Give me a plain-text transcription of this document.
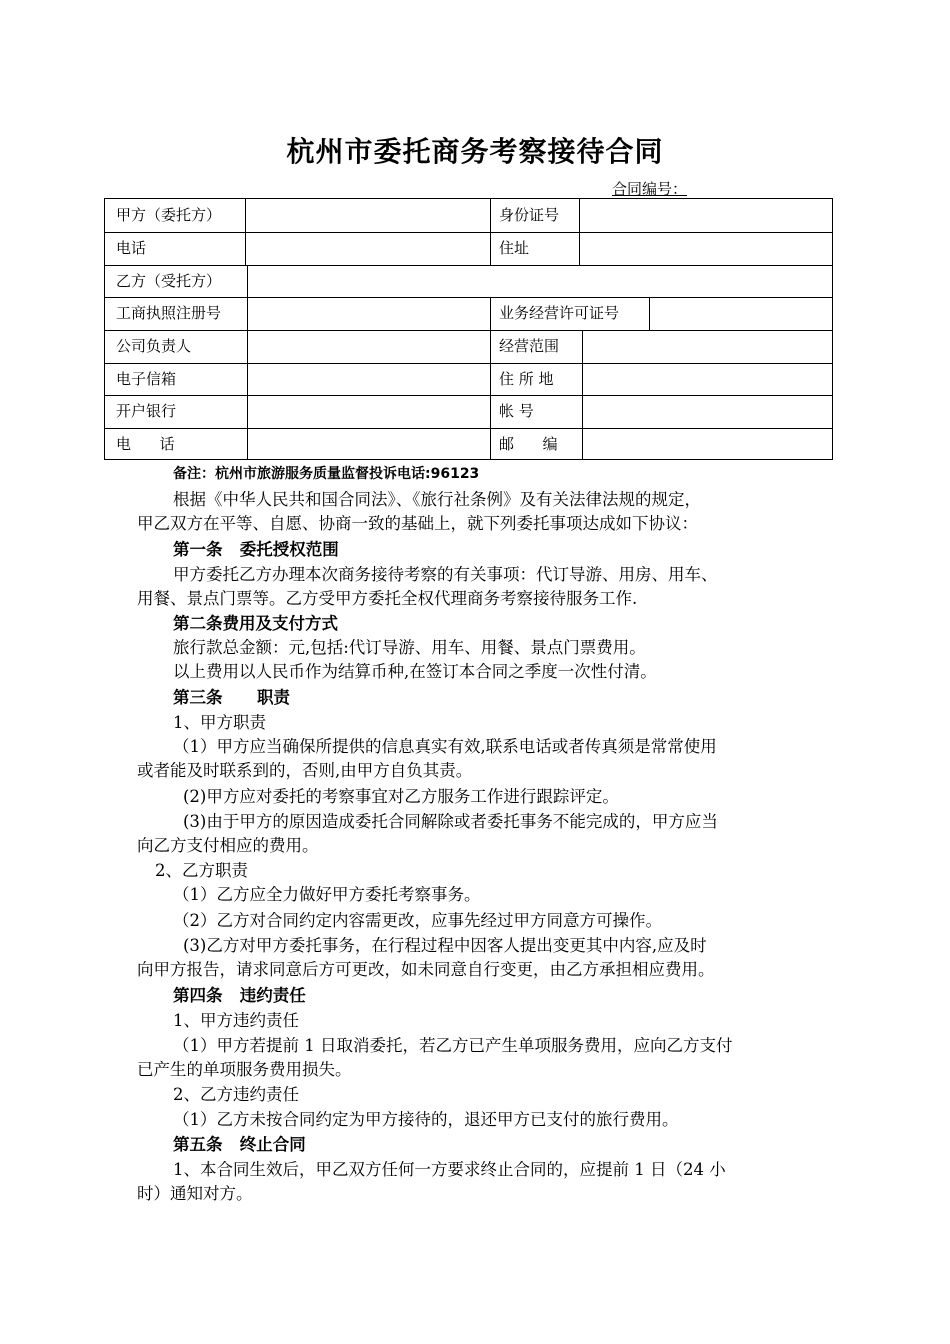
杭州市委托商务考察接待合同
合同编号：
甲方（委托方）	身份证号
电话	住址
乙方（受托方）
工商执照注册号	业务经营许可证号
公司负责人	经营范围
电子信箱	住 所 地
开户银行	帐 号
电      话	邮      编
备注：杭州市旅游服务质量监督投诉电话:96123
根据《中华人民共和国合同法》、《旅行社条例》及有关法律法规的规定，
甲乙双方在平等、自愿、协商一致的基础上，就下列委托事项达成如下协议：
第一条   委托授权范围
甲方委托乙方办理本次商务接待考察的有关事项：代订导游、用房、用车、
用餐、景点门票等。乙方受甲方委托全权代理商务考察接待服务工作.
第二条费用及支付方式
旅行款总金额：元,包括:代订导游、用车、用餐、景点门票费用。
以上费用以人民币作为结算币种,在签订本合同之季度一次性付清。
第三条      职责
1、甲方职责
（1）甲方应当确保所提供的信息真实有效,联系电话或者传真须是常常使用
或者能及时联系到的，否则,由甲方自负其责。
(2)甲方应对委托的考察事宜对乙方服务工作进行跟踪评定。
(3)由于甲方的原因造成委托合同解除或者委托事务不能完成的，甲方应当
向乙方支付相应的费用。
2、乙方职责
（1）乙方应全力做好甲方委托考察事务。
（2）乙方对合同约定内容需更改，应事先经过甲方同意方可操作。
(3)乙方对甲方委托事务，在行程过程中因客人提出变更其中内容,应及时
向甲方报告，请求同意后方可更改，如未同意自行变更，由乙方承担相应费用。
第四条   违约责任
1、甲方违约责任
（1）甲方若提前 1 日取消委托，若乙方已产生单项服务费用，应向乙方支付
已产生的单项服务费用损失。
2、乙方违约责任
（1）乙方未按合同约定为甲方接待的，退还甲方已支付的旅行费用。
第五条   终止合同
1、本合同生效后，甲乙双方任何一方要求终止合同的，应提前 1 日（24 小
时）通知对方。
